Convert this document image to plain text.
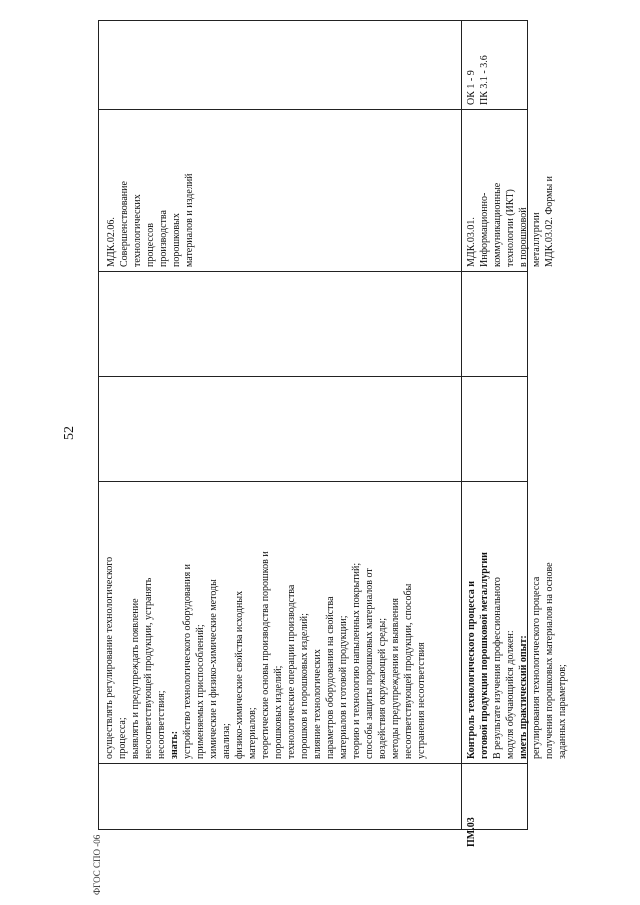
52
ФГОС СПО -06
осуществлять регулирование технологического процесса; выявлять и предупреждать появление несоответствующей продукции, устранять несоответствия; знать: устройство технологического оборудования и применяемых приспособлений; химические и физико-химические методы анализа; физико-химические свойства исходных материалов; теоретические основы производства порошков и порошковых изделий; технологические операции производства порошков и порошковых изделий; влияние технологических параметров оборудования на свойства материалов и готовой продукции; теорию и технологию напыленных покрытий; способы защиты порошковых материалов от воздействия окружающей среды; методы предупреждения и выявления несоответствующей продукции, способы устранения несоответствия
МДК.02.06. Совершенствование технологических процессов производства порошковых материалов и изделий
ПМ.03
Контроль технологического процесса и готовой продукции порошковой металлургии В результате изучения профессионального модуля обучающийся должен: иметь практический опыт: регулирования технологического процесса получения порошковых материалов на основе заданных параметров;
МДК.03.01. Информационно- коммуникационные технологии (ИКТ) в порошковой металлургии МДК.03.02. Формы и
ОК 1 - 9 ПК 3.1 - 3.6
